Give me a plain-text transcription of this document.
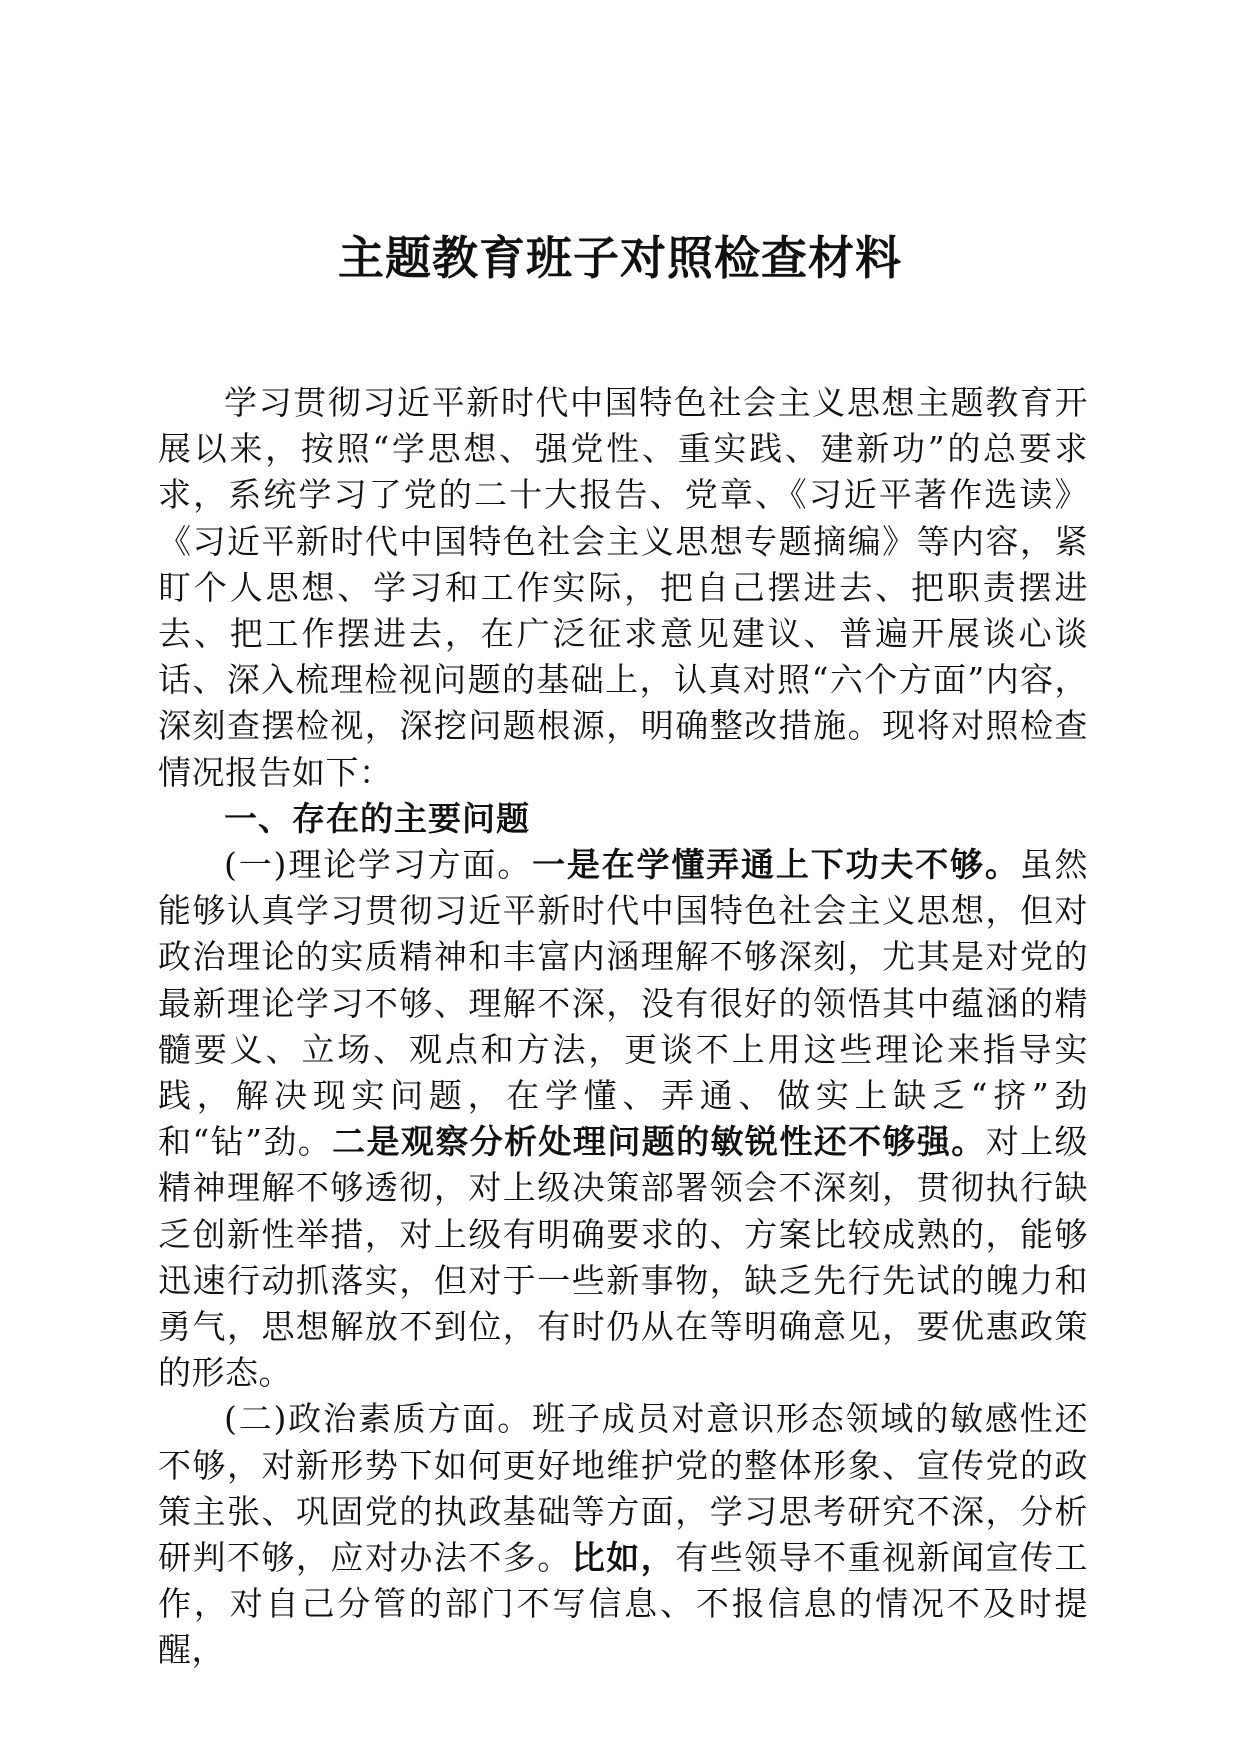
主题教育班子对照检查材料

学习贯彻习近平新时代中国特色社会主义思想主题教育开展以来，按照“学思想、强党性、重实践、建新功”的总要求求，系统学习了党的二十大报告、党章、《习近平著作选读》《习近平新时代中国特色社会主义思想专题摘编》等内容，紧盯个人思想、学习和工作实际，把自己摆进去、把职责摆进去、把工作摆进去，在广泛征求意见建议、普遍开展谈心谈话、深入梳理检视问题的基础上，认真对照“六个方面”内容，深刻查摆检视，深挖问题根源，明确整改措施。现将对照检查情况报告如下：

一、存在的主要问题

(一)理论学习方面。一是在学懂弄通上下功夫不够。虽然能够认真学习贯彻习近平新时代中国特色社会主义思想，但对政治理论的实质精神和丰富内涵理解不够深刻，尤其是对党的最新理论学习不够、理解不深，没有很好的领悟其中蕴涵的精髓要义、立场、观点和方法，更谈不上用这些理论来指导实践，解决现实问题，在学懂、弄通、做实上缺乏“挤”劲和“钻”劲。二是观察分析处理问题的敏锐性还不够强。对上级精神理解不够透彻，对上级决策部署领会不深刻，贯彻执行缺乏创新性举措，对上级有明确要求的、方案比较成熟的，能够迅速行动抓落实，但对于一些新事物，缺乏先行先试的魄力和勇气，思想解放不到位，有时仍从在等明确意见，要优惠政策的形态。

(二)政治素质方面。班子成员对意识形态领域的敏感性还不够，对新形势下如何更好地维护党的整体形象、宣传党的政策主张、巩固党的执政基础等方面，学习思考研究不深，分析研判不够，应对办法不多。比如，有些领导不重视新闻宣传工作，对自己分管的部门不写信息、不报信息的情况不及时提醒，
